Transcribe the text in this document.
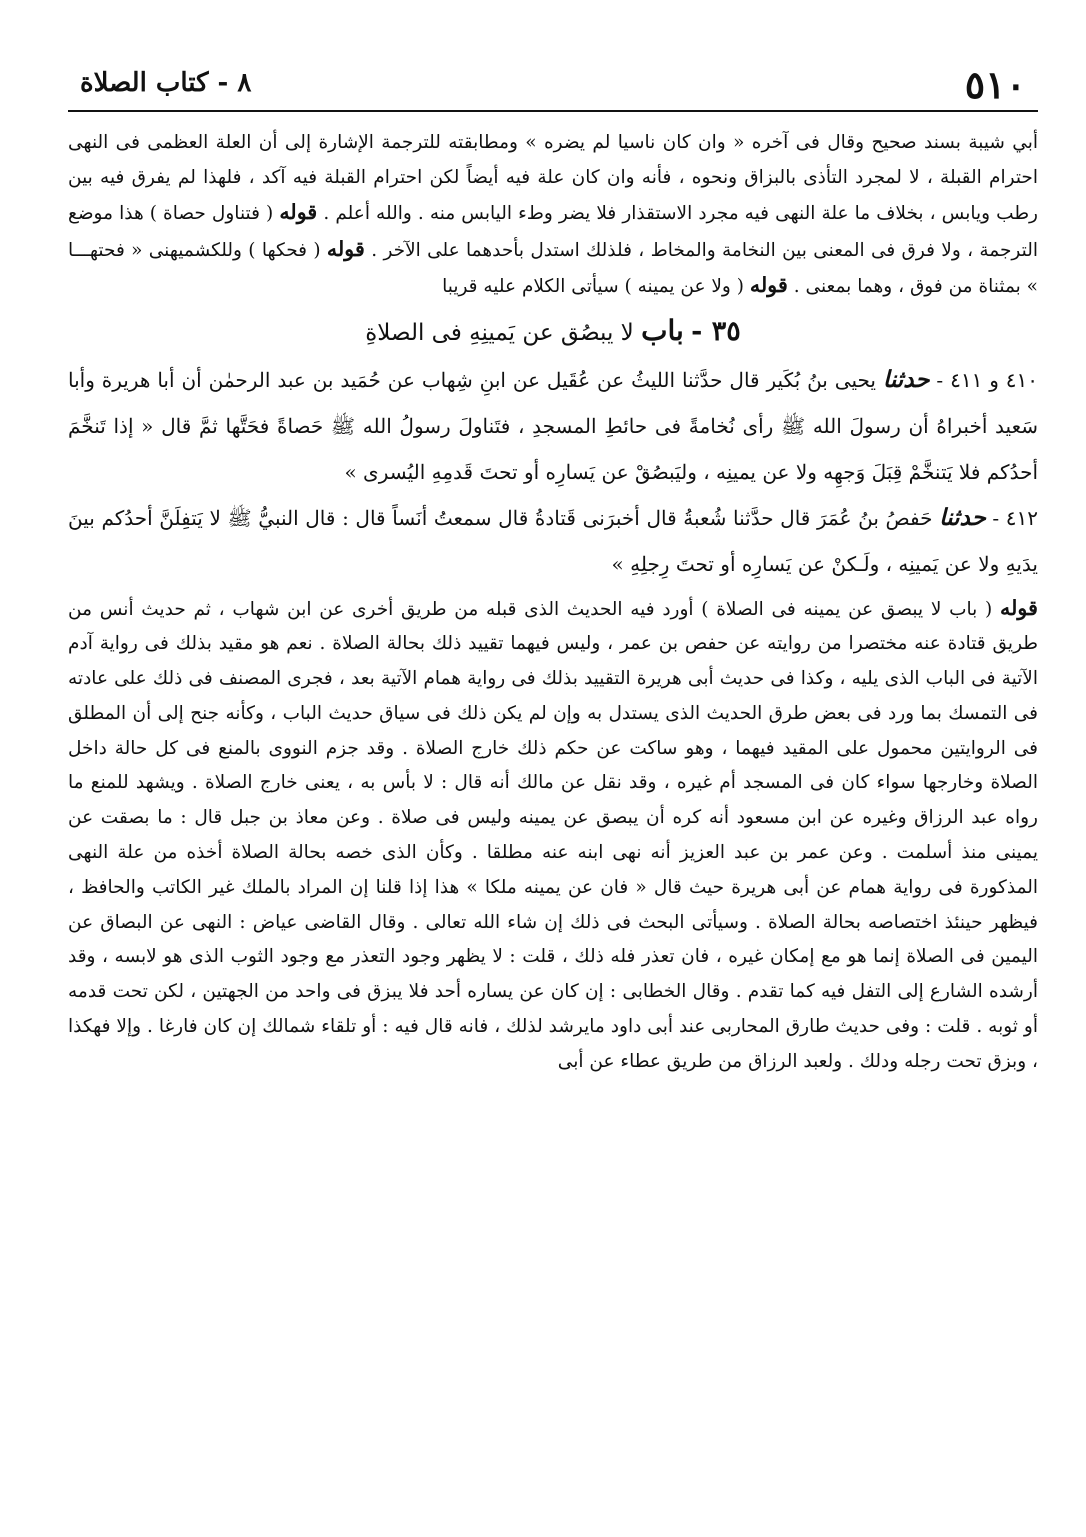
٥١٠
٨ - كتاب الصلاة
أبي شيبة بسند صحيح وقال فى آخره « وان كان ناسيا لم يضره » ومطابقته للترجمة الإشارة إلى أن العلة العظمى فى النهى احترام القبلة ، لا لمجرد التأذى بالبزاق ونحوه ، فأنه وان كان علة فيه أيضاً لكن احترام القبلة فيه آكد ، فلهذا لم يفرق فيه بين رطب ويابس ، بخلاف ما علة النهى فيه مجرد الاستقذار فلا يضر وطء اليابس منه . والله أعلم . قوله ( فتناول حصاة ) هذا موضع الترجمة ، ولا فرق فى المعنى بين النخامة والمخاط ، فلذلك استدل بأحدهما على الآخر . قوله ( فحكها ) وللكشميهنى « فحتهـــا » بمثناة من فوق ، وهما بمعنى . قوله ( ولا عن يمينه ) سيأتى الكلام عليه قريبا
٣٥ - باب لا يبصُق عن يَمينِهِ فى الصلاةِ
٤١٠ و ٤١١ - حدثنا يحيى بنُ بُكَير قال حدَّثنا الليثُ عن عُقَيل عن ابنِ شِهاب عن حُمَيد بن عبد الرحمٰن أن أبا هريرة وأبا سَعيد أخبراهُ أن رسولَ الله ﷺ رأى نُخامةً فى حائطِ المسجدِ ، فتَناولَ رسولُ الله ﷺ حَصاةً فحَتَّها ثمَّ قال « إذا تَنخَّمَ أحدُكم فلا يَتنخَّمْ قِبَلَ وَجهِه ولا عن يمينِه ، وليَبصُقْ عن يَسارِه أو تحتَ قَدمِهِ اليُسرى »
٤١٢ - حدثنا حَفصُ بنُ عُمَرَ قال حدَّثنا شُعبةُ قال أخبرَنى قَتادةُ قال سمعتُ أنَساً قال : قال النبيُّ ﷺ لا يَتفِلَنَّ أحدُكم بينَ يدَيهِ ولا عن يَمينِه ، ولَـكنْ عن يَسارِه أو تحتَ رِجلِهِ »
قوله ( باب لا يبصق عن يمينه فى الصلاة ) أورد فيه الحديث الذى قبله من طريق أخرى عن ابن شهاب ، ثم حديث أنس من طريق قتادة عنه مختصرا من روايته عن حفص بن عمر ، وليس فيهما تقييد ذلك بحالة الصلاة . نعم هو مقيد بذلك فى رواية آدم الآتية فى الباب الذى يليه ، وكذا فى حديث أبى هريرة التقييد بذلك فى رواية همام الآتية بعد ، فجرى المصنف فى ذلك على عادته فى التمسك بما ورد فى بعض طرق الحديث الذى يستدل به وإن لم يكن ذلك فى سياق حديث الباب ، وكأنه جنح إلى أن المطلق فى الروايتين محمول على المقيد فيهما ، وهو ساكت عن حكم ذلك خارج الصلاة . وقد جزم النووى بالمنع فى كل حالة داخل الصلاة وخارجها سواء كان فى المسجد أم غيره ، وقد نقل عن مالك أنه قال : لا بأس به ، يعنى خارج الصلاة . ويشهد للمنع ما رواه عبد الرزاق وغيره عن ابن مسعود أنه كره أن يبصق عن يمينه وليس فى صلاة . وعن معاذ بن جبل قال : ما بصقت عن يمينى منذ أسلمت . وعن عمر بن عبد العزيز أنه نهى ابنه عنه مطلقا . وكأن الذى خصه بحالة الصلاة أخذه من علة النهى المذكورة فى رواية همام عن أبى هريرة حيث قال « فان عن يمينه ملكا » هذا إذا قلنا إن المراد بالملك غير الكاتب والحافظ ، فيظهر حينئذ اختصاصه بحالة الصلاة . وسيأتى البحث فى ذلك إن شاء الله تعالى . وقال القاضى عياض : النهى عن البصاق عن اليمين فى الصلاة إنما هو مع إمكان غيره ، فان تعذر فله ذلك ، قلت : لا يظهر وجود التعذر مع وجود الثوب الذى هو لابسه ، وقد أرشده الشارع إلى التفل فيه كما تقدم . وقال الخطابى : إن كان عن يساره أحد فلا يبزق فى واحد من الجهتين ، لكن تحت قدمه أو ثوبه . قلت : وفى حديث طارق المحاربى عند أبى داود مايرشد لذلك ، فانه قال فيه : أو تلقاء شمالك إن كان فارغا . وإلا فهكذا ، وبزق تحت رجله ودلك . ولعبد الرزاق من طريق عطاء عن أبى
